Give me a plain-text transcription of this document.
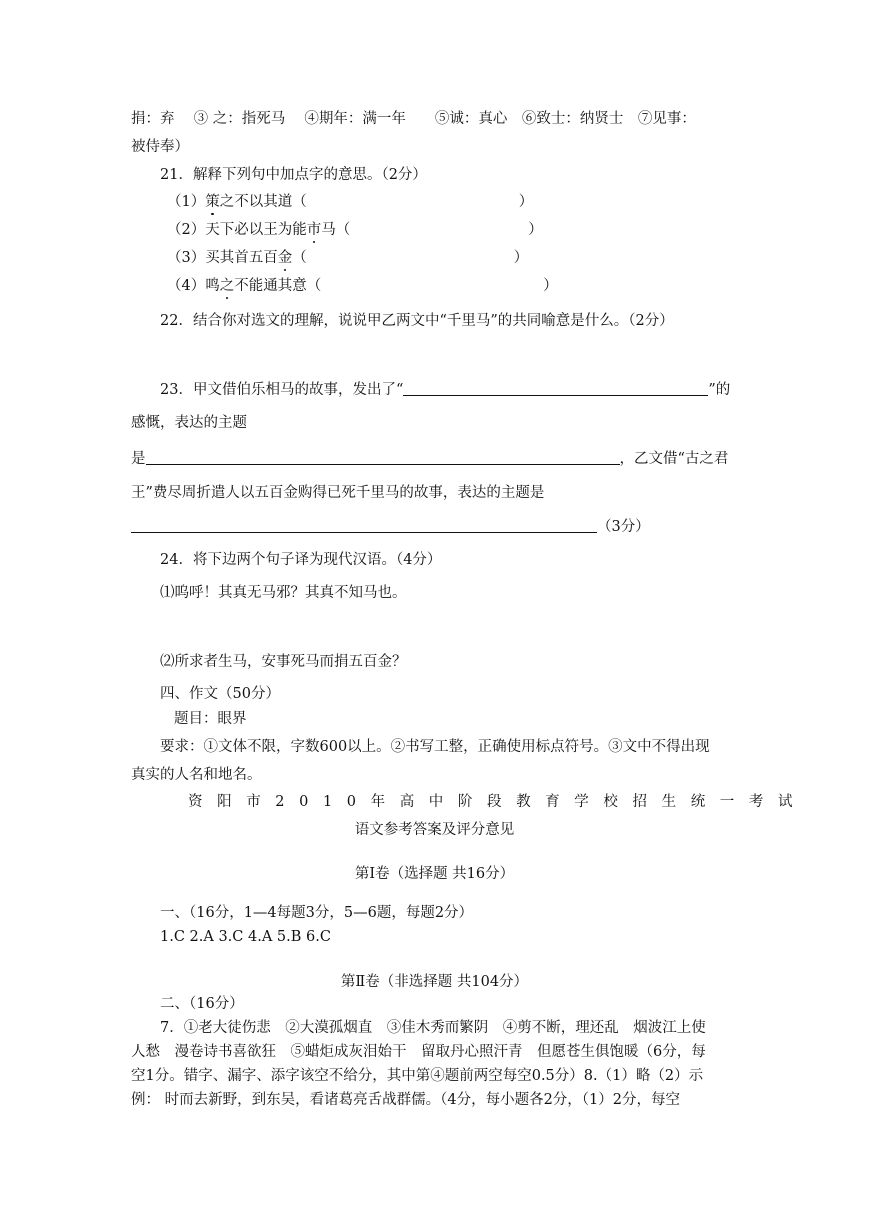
捐：弃　 ③ 之：指死马　 ④期年：满一年　　⑤诚：真心　⑥致士：纳贤士　⑦见事：
被侍奉）
21．解释下列句中加点字的意思。（2分）
（1）策之不以其道（	）
（2）天下必以王为能市马（	）
（3）买其首五百金（	）
（4）鸣之不能通其意（	）
22．结合你对选文的理解，说说甲乙两文中“千里马”的共同喻意是什么。（2分）
23．甲文借伯乐相马的故事，发出了“	”的
感慨，表达的主题
是	，乙文借“古之君
王”费尽周折遣人以五百金购得已死千里马的故事，表达的主题是
（3分）
24．将下边两个句子译为现代汉语。（4分）
⑴呜呼！其真无马邪？其真不知马也。
⑵所求者生马，安事死马而捐五百金？
四、作文（50分）
题目：眼界
要求：①文体不限，字数600以上。②书写工整，正确使用标点符号。③文中不得出现
真实的人名和地名。
资阳市2010年高中阶段教育学校招生统一考试
语文参考答案及评分意见
第Ⅰ卷（选择题 共16分）
一、（16分，1—4每题3分，5—6题，每题2分）
1.C 2.A 3.C 4.A 5.B 6.C
第Ⅱ卷（非选择题 共104分）
二、（16分）
7．①老大徒伤悲　②大漠孤烟直　③佳木秀而繁阴　④剪不断，理还乱　烟波江上使
人愁　漫卷诗书喜欲狂　⑤蜡炬成灰泪始干　留取丹心照汗青　但愿苍生俱饱暖（6分，每
空1分。错字、漏字、添字该空不给分，其中第④题前两空每空0.5分）8.（1）略（2）示
例： 时而去新野，到东吴，看诸葛亮舌战群儒。（4分，每小题各2分，（1）2分，每空
